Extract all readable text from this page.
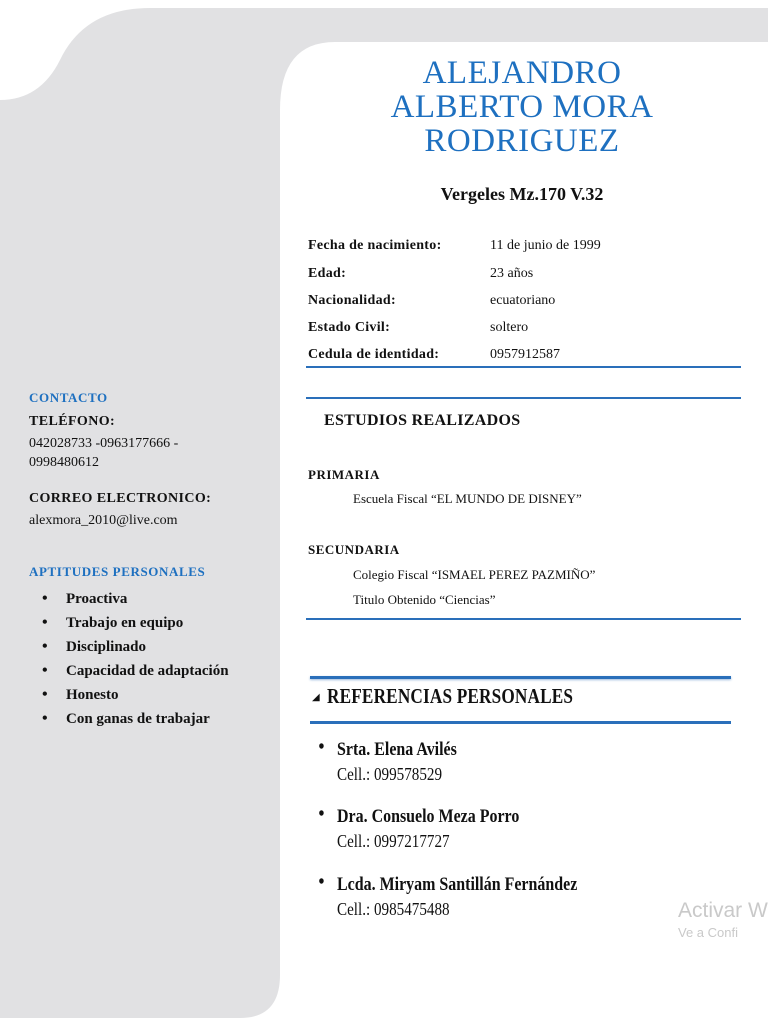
ALEJANDRO
ALBERTO MORA
RODRIGUEZ
Vergeles Mz.170 V.32
Fecha de nacimiento:	11 de junio de 1999
Edad:	23 años
Nacionalidad:	ecuatoriano
Estado Civil:	soltero
Cedula de identidad:	0957912587
ESTUDIOS REALIZADOS
PRIMARIA
Escuela Fiscal “EL MUNDO DE DISNEY”
SECUNDARIA
Colegio Fiscal “ISMAEL PEREZ PAZMIÑO”
Titulo Obtenido “Ciencias”
◢ REFERENCIAS PERSONALES
• Srta. Elena Avilés
Cell.: 099578529
• Dra. Consuelo Meza Porro
Cell.: 0997217727
• Lcda. Miryam Santillán Fernández
Cell.: 0985475488
CONTACTO
TELÉFONO:
042028733 -0963177666 - 0998480612
CORREO ELECTRONICO:
alexmora_2010@live.com
APTITUDES PERSONALES
• Proactiva
• Trabajo en equipo
• Disciplinado
• Capacidad de adaptación
• Honesto
• Con ganas de trabajar
Activar W
Ve a Confi
